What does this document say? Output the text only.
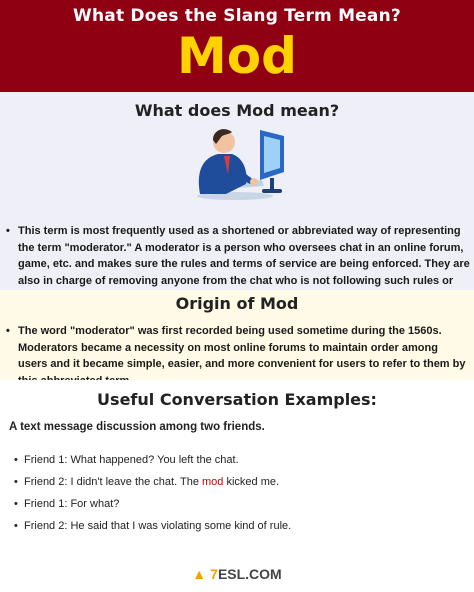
What Does the Slang Term Mean?
Mod
What does Mod mean?
• This term is most frequently used as a shortened or abbreviated way of representing the term "moderator." A moderator is a person who oversees chat in an online forum, game, etc. and makes sure the rules and terms of service are being enforced. They are also in charge of removing anyone from the chat who is not following such rules or
Origin of Mod
• The word "moderator" was first recorded being used sometime during the 1560s. Moderators became a necessity on most online forums to maintain order among users and it became simple, easier, and more convenient for users to refer to them by
Useful Conversation Examples:
A text message discussion among two friends.
• Friend 1: What happened? You left the chat.
• Friend 2: I didn't leave the chat. The mod kicked me.
• Friend 1: For what?
• Friend 2: He said that I was violating some kind of rule.
▲ 7ESL.COM
